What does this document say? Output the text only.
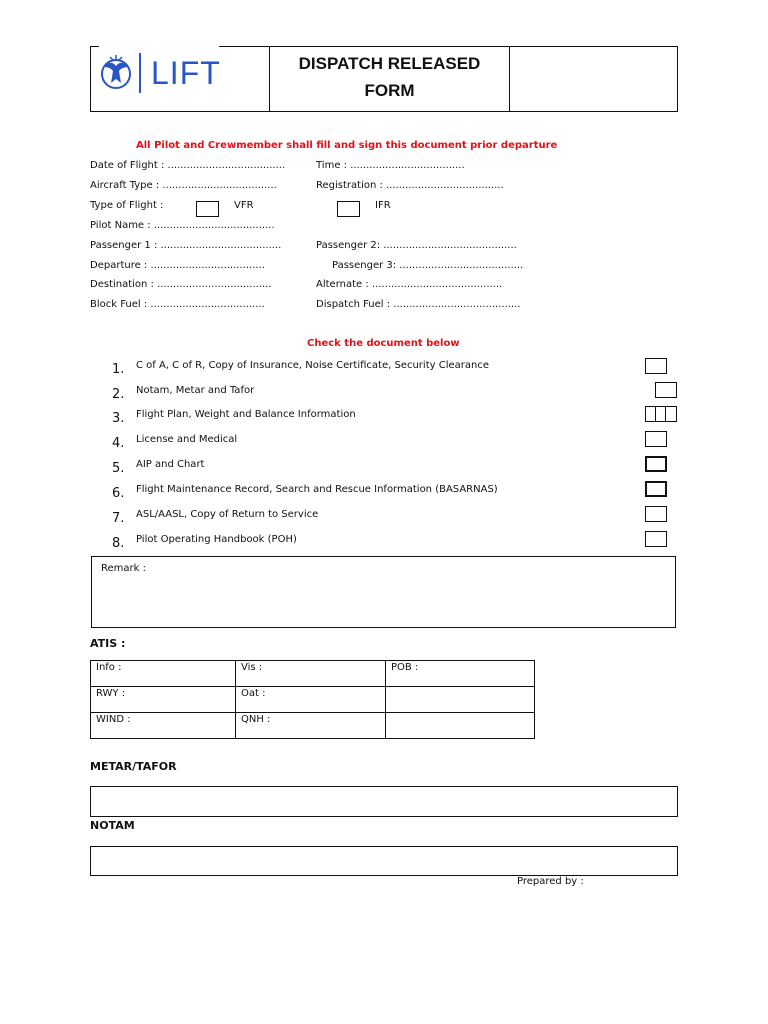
LIFT	DISPATCH RELEASED
FORM
All Pilot and Crewmember shall fill and sign this document prior departure
Date of Flight : .....................................	Time : ....................................
Aircraft Type : ....................................	Registration : .....................................
Type of Flight :	VFR	IFR
Pilot Name : ......................................
Passenger 1 : ......................................	Passenger 2: ..........................................
Departure : ....................................	Passenger 3: .......................................
Destination : ....................................	Alternate : .........................................
Block Fuel : ....................................	Dispatch Fuel : ........................................
Check the document below
1. C of A, C of R, Copy of Insurance, Noise Certificate, Security Clearance
2. Notam, Metar and Tafor
3. Flight Plan, Weight and Balance Information
4. License and Medical
5. AIP and Chart
6. Flight Maintenance Record, Search and Rescue Information (BASARNAS)
7. ASL/AASL, Copy of Return to Service
8. Pilot Operating Handbook (POH)
Remark :
ATIS :
Info :	Vis :	POB :
RWY :	Oat :	
WIND :	QNH :	
METAR/TAFOR
NOTAM
Prepared by :
